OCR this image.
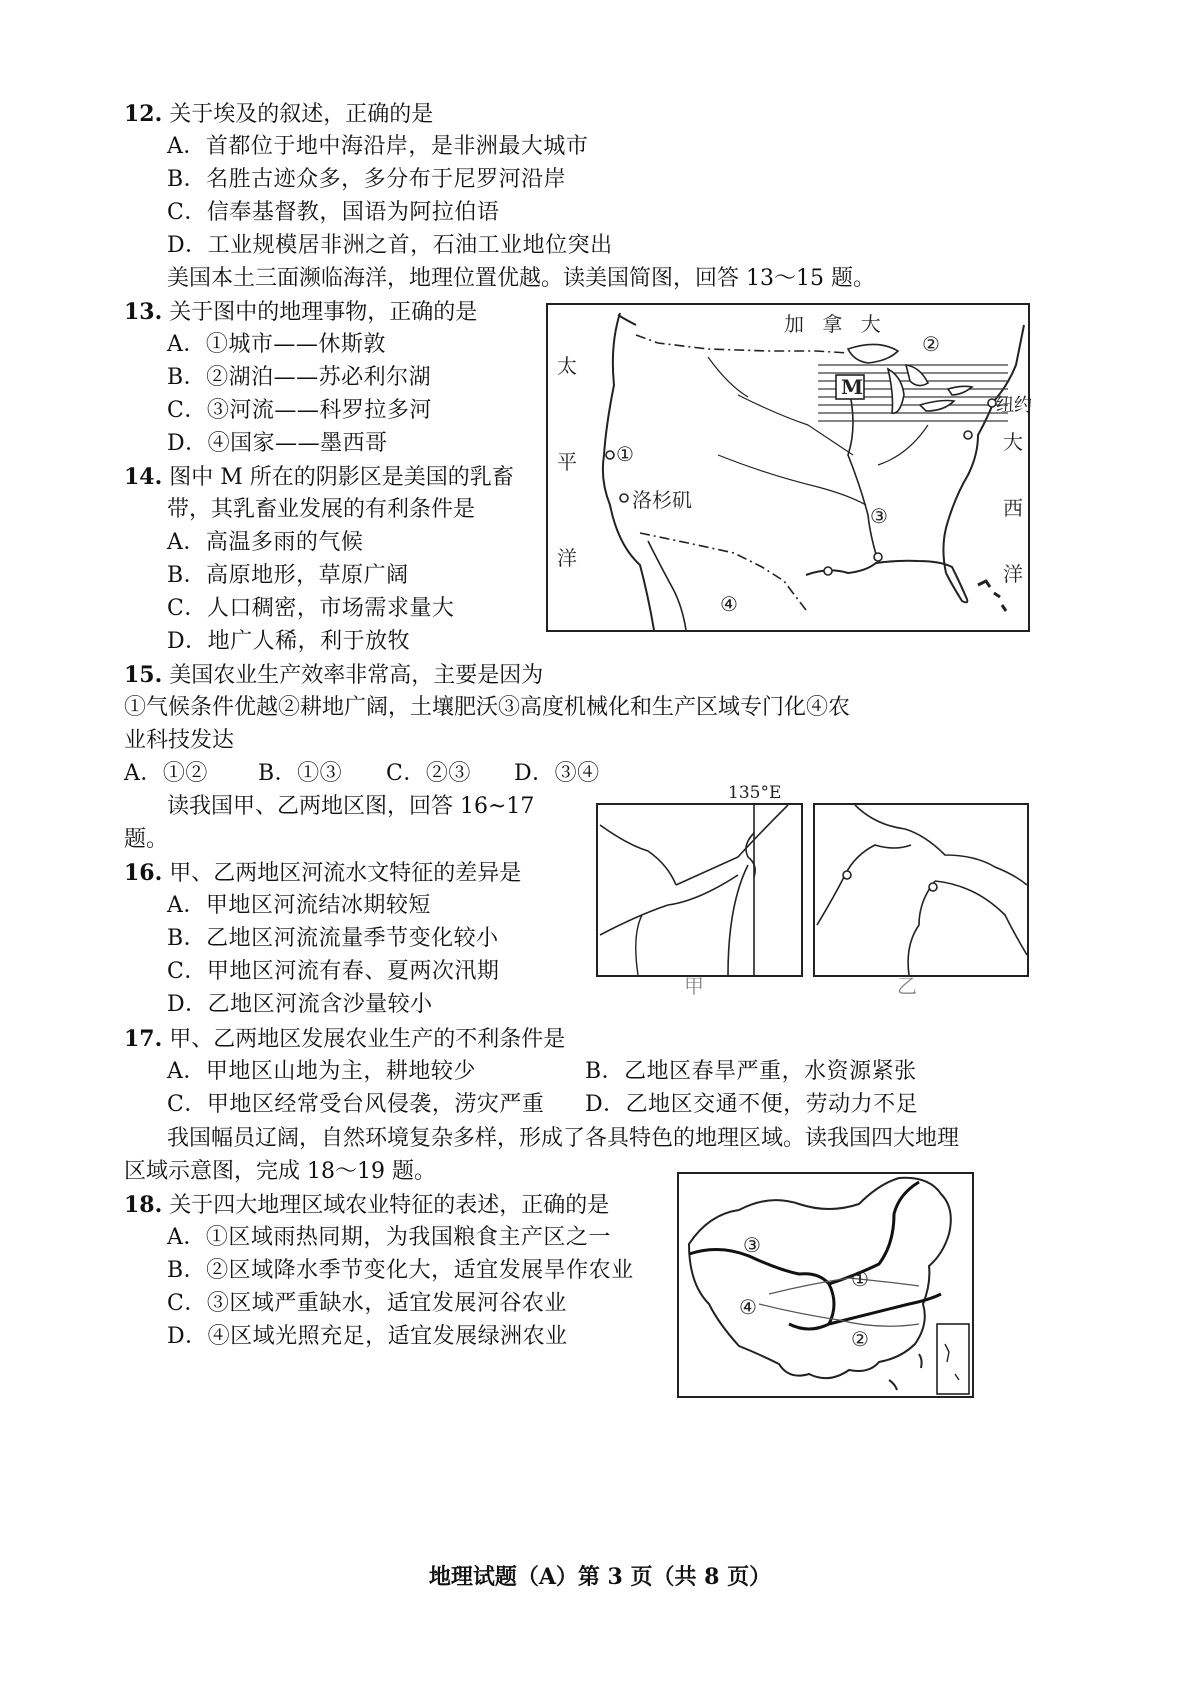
12. 关于埃及的叙述，正确的是
A．首都位于地中海沿岸，是非洲最大城市
B．名胜古迹众多，多分布于尼罗河沿岸
C．信奉基督教，国语为阿拉伯语
D．工业规模居非洲之首，石油工业地位突出
美国本土三面濒临海洋，地理位置优越。读美国简图，回答 13～15 题。
13. 关于图中的地理事物，正确的是
A．①城市——休斯敦
B．②湖泊——苏必利尔湖
C．③河流——科罗拉多河
D．④国家——墨西哥
14. 图中 M 所在的阴影区是美国的乳畜
带，其乳畜业发展的有利条件是
A．高温多雨的气候
B．高原地形，草原广阔
C．人口稠密，市场需求量大
D．地广人稀，利于放牧
15. 美国农业生产效率非常高，主要是因为
①气候条件优越②耕地广阔，土壤肥沃③高度机械化和生产区域专门化④农
业科技发达
A．①② B．①③ C．②③ D．③④
读我国甲、乙两地区图，回答 16~17
题。
16. 甲、乙两地区河流水文特征的差异是
A．甲地区河流结冰期较短
B．乙地区河流流量季节变化较小
C．甲地区河流有春、夏两次汛期
D．乙地区河流含沙量较小
17. 甲、乙两地区发展农业生产的不利条件是
A．甲地区山地为主，耕地较少	B．乙地区春旱严重，水资源紧张
C．甲地区经常受台风侵袭，涝灾严重 D．乙地区交通不便，劳动力不足
我国幅员辽阔，自然环境复杂多样，形成了各具特色的地理区域。读我国四大地理
区域示意图，完成 18～19 题。
18. 关于四大地理区域农业特征的表述，正确的是
A．①区域雨热同期，为我国粮食主产区之一
B．②区域降水季节变化大，适宜发展旱作农业
C．③区域严重缺水，适宜发展河谷农业
D．④区域光照充足，适宜发展绿洲农业
加 拿 大
太
平
洋
大
西
洋
纽约
洛杉矶
M
①
②
③
④
135°E
甲	乙
③
①
④
②
地理试题（A）第 3 页（共 8 页）
